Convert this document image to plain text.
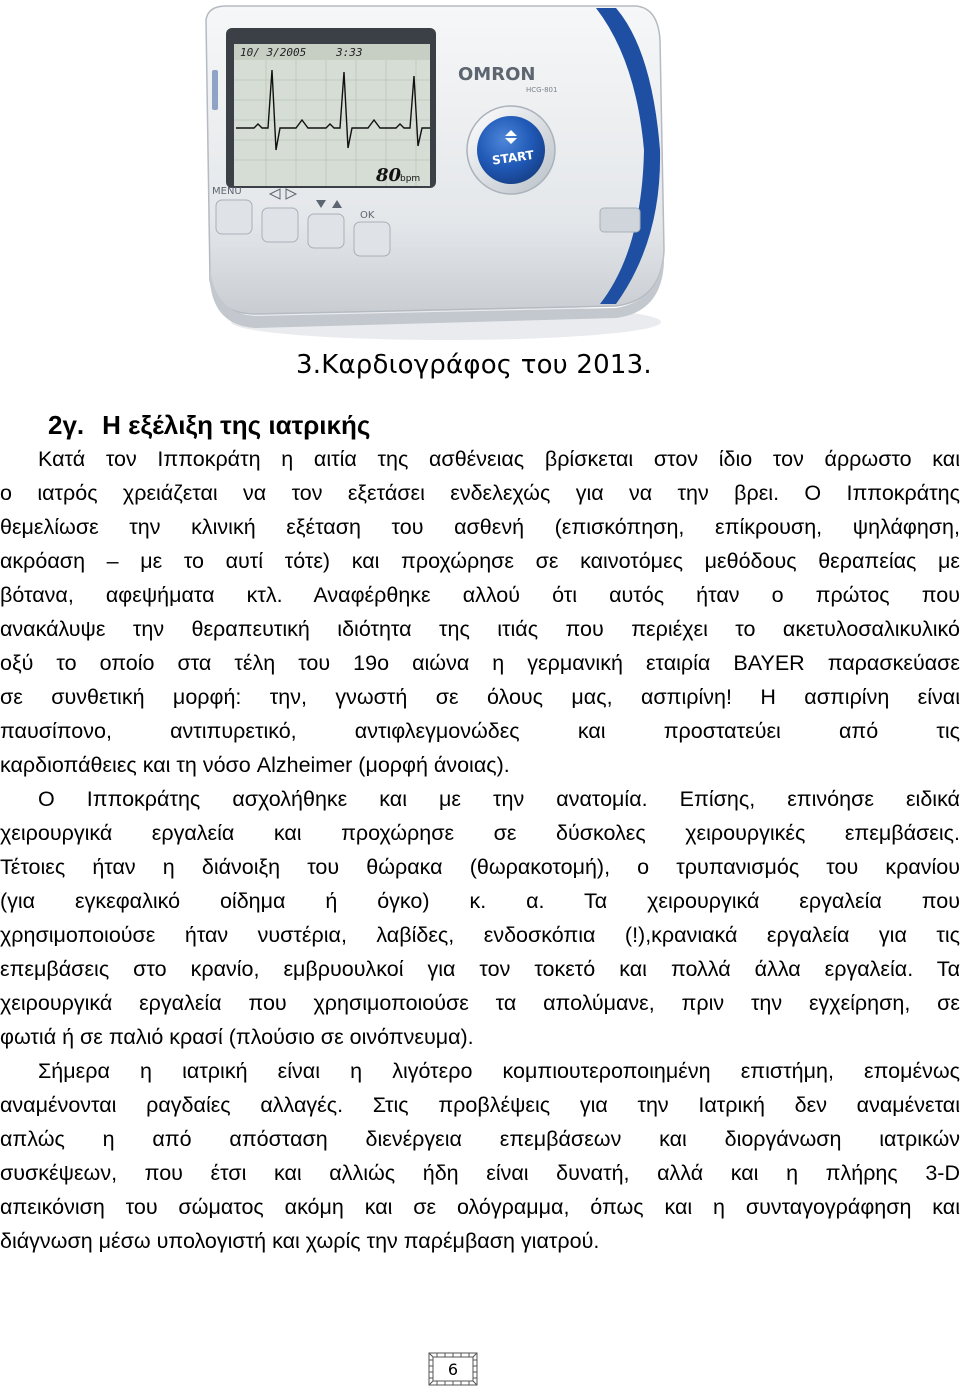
10/ 3/2005	3:33
80
bpm
OMRON
HCG-801
START
MENU
OK
3.Καρδιογράφος του 2013.
2γ. Η εξέλιξη της ιατρικής
Κατά τον Ιπποκράτη η αιτία της ασθένειας βρίσκεται στον ίδιο τον άρρωστο και
ο ιατρός χρειάζεται να τον εξετάσει ενδελεχώς για να την βρει. Ο Ιπποκράτης
θεμελίωσε την κλινική εξέταση του ασθενή (επισκόπηση, επίκρουση, ψηλάφηση,
ακρόαση – με το αυτί τότε) και προχώρησε σε καινοτόμες μεθόδους θεραπείας με
βότανα, αφεψήματα κτλ. Αναφέρθηκε αλλού ότι αυτός ήταν ο πρώτος που
ανακάλυψε την θεραπευτική ιδιότητα της ιτιάς που περιέχει το ακετυλοσαλικυλικό
οξύ το οποίο στα τέλη του 19ο αιώνα η γερμανική εταιρία BAYER παρασκεύασε
σε συνθετική μορφή: την, γνωστή σε όλους μας, ασπιρίνη! Η ασπιρίνη είναι
παυσίπονο, αντιπυρετικό, αντιφλεγμονώδες και προστατεύει από τις
καρδιοπάθειες και τη νόσο Alzheimer (μορφή άνοιας).
Ο Ιπποκράτης ασχολήθηκε και με την ανατομία. Επίσης, επινόησε ειδικά
χειρουργικά εργαλεία και προχώρησε σε δύσκολες χειρουργικές επεμβάσεις.
Τέτοιες ήταν η διάνοιξη του θώρακα (θωρακοτομή), ο τρυπανισμός του κρανίου
(για εγκεφαλικό οίδημα ή όγκο) κ. α. Τα χειρουργικά εργαλεία που
χρησιμοποιούσε ήταν νυστέρια, λαβίδες, ενδοσκόπια (!),κρανιακά εργαλεία για τις
επεμβάσεις στο κρανίο, εμβρυουλκοί για τον τοκετό και πολλά άλλα εργαλεία. Τα
χειρουργικά εργαλεία που χρησιμοποιούσε τα απολύμανε, πριν την εγχείρηση, σε
φωτιά ή σε παλιό κρασί (πλούσιο σε οινόπνευμα).
Σήμερα η ιατρική είναι η λιγότερο κομπιουτεροποιημένη επιστήμη, επομένως
αναμένονται ραγδαίες αλλαγές. Στις προβλέψεις για την Ιατρική δεν αναμένεται
απλώς η από απόσταση διενέργεια επεμβάσεων και διοργάνωση ιατρικών
συσκέψεων, που έτσι και αλλιώς ήδη είναι δυνατή, αλλά και η πλήρης 3-D
απεικόνιση του σώματος ακόμη και σε ολόγραμμα, όπως και η συνταγογράφηση και
διάγνωση μέσω υπολογιστή και χωρίς την παρέμβαση γιατρού.
6
